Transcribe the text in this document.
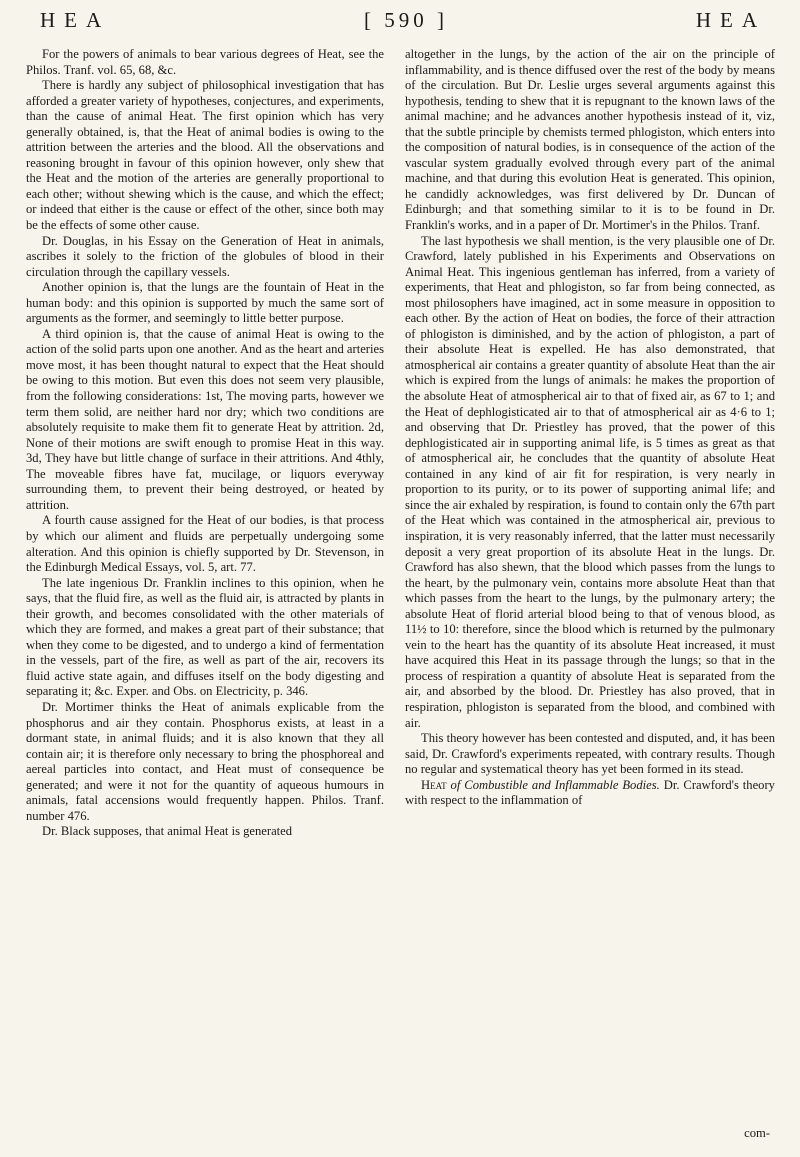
HEA	[ 590 ]	HEA

For the powers of animals to bear various degrees of Heat, see the Philos. Tranf. vol. 65, 68, &c.

There is hardly any subject of philosophical investigation that has afforded a greater variety of hypotheses, conjectures, and experiments, than the cause of animal Heat. The first opinion which has very generally obtained, is, that the Heat of animal bodies is owing to the attrition between the arteries and the blood. All the observations and reasoning brought in favour of this opinion however, only shew that the Heat and the motion of the arteries are generally proportional to each other; without shewing which is the cause, and which the effect; or indeed that either is the cause or effect of the other, since both may be the effects of some other cause.

Dr. Douglas, in his Essay on the Generation of Heat in animals, ascribes it solely to the friction of the globules of blood in their circulation through the capillary vessels.

Another opinion is, that the lungs are the fountain of Heat in the human body: and this opinion is supported by much the same sort of arguments as the former, and seemingly to little better purpose.

A third opinion is, that the cause of animal Heat is owing to the action of the solid parts upon one another. And as the heart and arteries move most, it has been thought natural to expect that the Heat should be owing to this motion. But even this does not seem very plausible, from the following considerations: 1st, The moving parts, however we term them solid, are neither hard nor dry; which two conditions are absolutely requisite to make them fit to generate Heat by attrition. 2d, None of their motions are swift enough to promise Heat in this way. 3d, They have but little change of surface in their attritions. And 4thly, The moveable fibres have fat, mucilage, or liquors everyway surrounding them, to prevent their being destroyed, or heated by attrition.

A fourth cause assigned for the Heat of our bodies, is that process by which our aliment and fluids are perpetually undergoing some alteration. And this opinion is chiefly supported by Dr. Stevenson, in the Edinburgh Medical Essays, vol. 5, art. 77.

The late ingenious Dr. Franklin inclines to this opinion, when he says, that the fluid fire, as well as the fluid air, is attracted by plants in their growth, and becomes consolidated with the other materials of which they are formed, and makes a great part of their substance; that when they come to be digested, and to undergo a kind of fermentation in the vessels, part of the fire, as well as part of the air, recovers its fluid active state again, and diffuses itself on the body digesting and separating it; &c. Exper. and Obs. on Electricity, p. 346.

Dr. Mortimer thinks the Heat of animals explicable from the phosphorus and air they contain. Phosphorus exists, at least in a dormant state, in animal fluids; and it is also known that they all contain air; it is therefore only necessary to bring the phosphoreal and aereal particles into contact, and Heat must of consequence be generated; and were it not for the quantity of aqueous humours in animals, fatal accensions would frequently happen. Philos. Tranf. number 476.

Dr. Black supposes, that animal Heat is generated

altogether in the lungs, by the action of the air on the principle of inflammability, and is thence diffused over the rest of the body by means of the circulation. But Dr. Leslie urges several arguments against this hypothesis, tending to shew that it is repugnant to the known laws of the animal machine; and he advances another hypothesis instead of it, viz, that the subtle principle by chemists termed phlogiston, which enters into the composition of natural bodies, is in consequence of the action of the vascular system gradually evolved through every part of the animal machine, and that during this evolution Heat is generated. This opinion, he candidly acknowledges, was first delivered by Dr. Duncan of Edinburgh; and that something similar to it is to be found in Dr. Franklin's works, and in a paper of Dr. Mortimer's in the Philos. Tranf.

The last hypothesis we shall mention, is the very plausible one of Dr. Crawford, lately published in his Experiments and Observations on Animal Heat. This ingenious gentleman has inferred, from a variety of experiments, that Heat and phlogiston, so far from being connected, as most philosophers have imagined, act in some measure in opposition to each other. By the action of Heat on bodies, the force of their attraction of phlogiston is diminished, and by the action of phlogiston, a part of their absolute Heat is expelled. He has also demonstrated, that atmospherical air contains a greater quantity of absolute Heat than the air which is expired from the lungs of animals: he makes the proportion of the absolute Heat of atmospherical air to that of fixed air, as 67 to 1; and the Heat of dephlogisticated air to that of atmospherical air as 4·6 to 1; and observing that Dr. Priestley has proved, that the power of this dephlogisticated air in supporting animal life, is 5 times as great as that of atmospherical air, he concludes that the quantity of absolute Heat contained in any kind of air fit for respiration, is very nearly in proportion to its purity, or to its power of supporting animal life; and since the air exhaled by respiration, is found to contain only the 67th part of the Heat which was contained in the atmospherical air, previous to inspiration, it is very reasonably inferred, that the latter must necessarily deposit a very great proportion of its absolute Heat in the lungs. Dr. Crawford has also shewn, that the blood which passes from the lungs to the heart, by the pulmonary vein, contains more absolute Heat than that which passes from the heart to the lungs, by the pulmonary artery; the absolute Heat of florid arterial blood being to that of venous blood, as 11½ to 10: therefore, since the blood which is returned by the pulmonary vein to the heart has the quantity of its absolute Heat increased, it must have acquired this Heat in its passage through the lungs; so that in the process of respiration a quantity of absolute Heat is separated from the air, and absorbed by the blood. Dr. Priestley has also proved, that in respiration, phlogiston is separated from the blood, and combined with air.

This theory however has been contested and disputed, and, it has been said, Dr. Crawford's experiments repeated, with contrary results. Though no regular and systematical theory has yet been formed in its stead.

Heat of Combustible and Inflammable Bodies. Dr. Crawford's theory with respect to the inflammation of

com-
